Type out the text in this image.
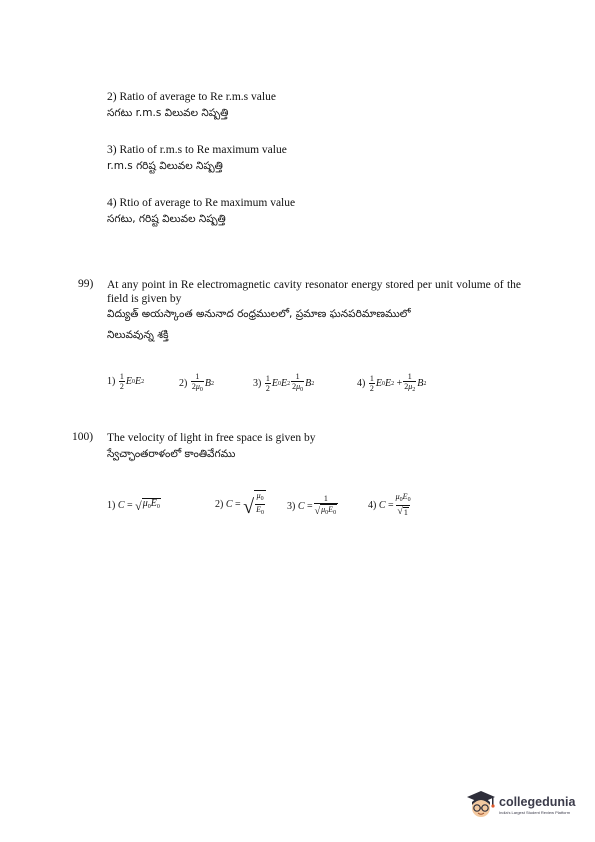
2) Ratio of average to Re r.m.s value
సగటు r.m.s విలువల నిష్పత్తి
3) Ratio of r.m.s to Re maximum value
r.m.s గరిష్ట విలువల నిష్పత్తి
4) Rtio of average to Re maximum value
సగటు, గరిష్ట విలువల నిష్పత్తి
99) At any point in Re electromagnetic cavity resonator energy stored per unit volume of the field is given by
విద్యుత్ అయస్కాంత అనునాద రంధ్రములలో, ప్రమాణ ఘనపరిమాణములో
నిలువవున్న శక్తి
1)
$\frac{1}{2}$ E 0 E 2	2)
$\frac{1}{2\mu_0}$ B 2	3)
$\frac{1}{2}$ E 0 E $2 \frac{1}{2\mu_0}$ B 2	4)
$\frac{1}{2}$ E 0 E $2 + \frac{1}{2\mu_2}$ B 2
100) The velocity of light in free space is given by
స్వేచ్ఛాంతరాళంలో కాంతివేగము
1)
C = √ $\mu_0E_0$	2)
C = √ $\frac{\mu_0}{E_0} 3$)
$C = \frac{1}{√ \mu_0E_0}$	4)
$C = \frac{\mu_0E_0}{√ 1}$
collegedunia
India's Largest Student Review Platform
